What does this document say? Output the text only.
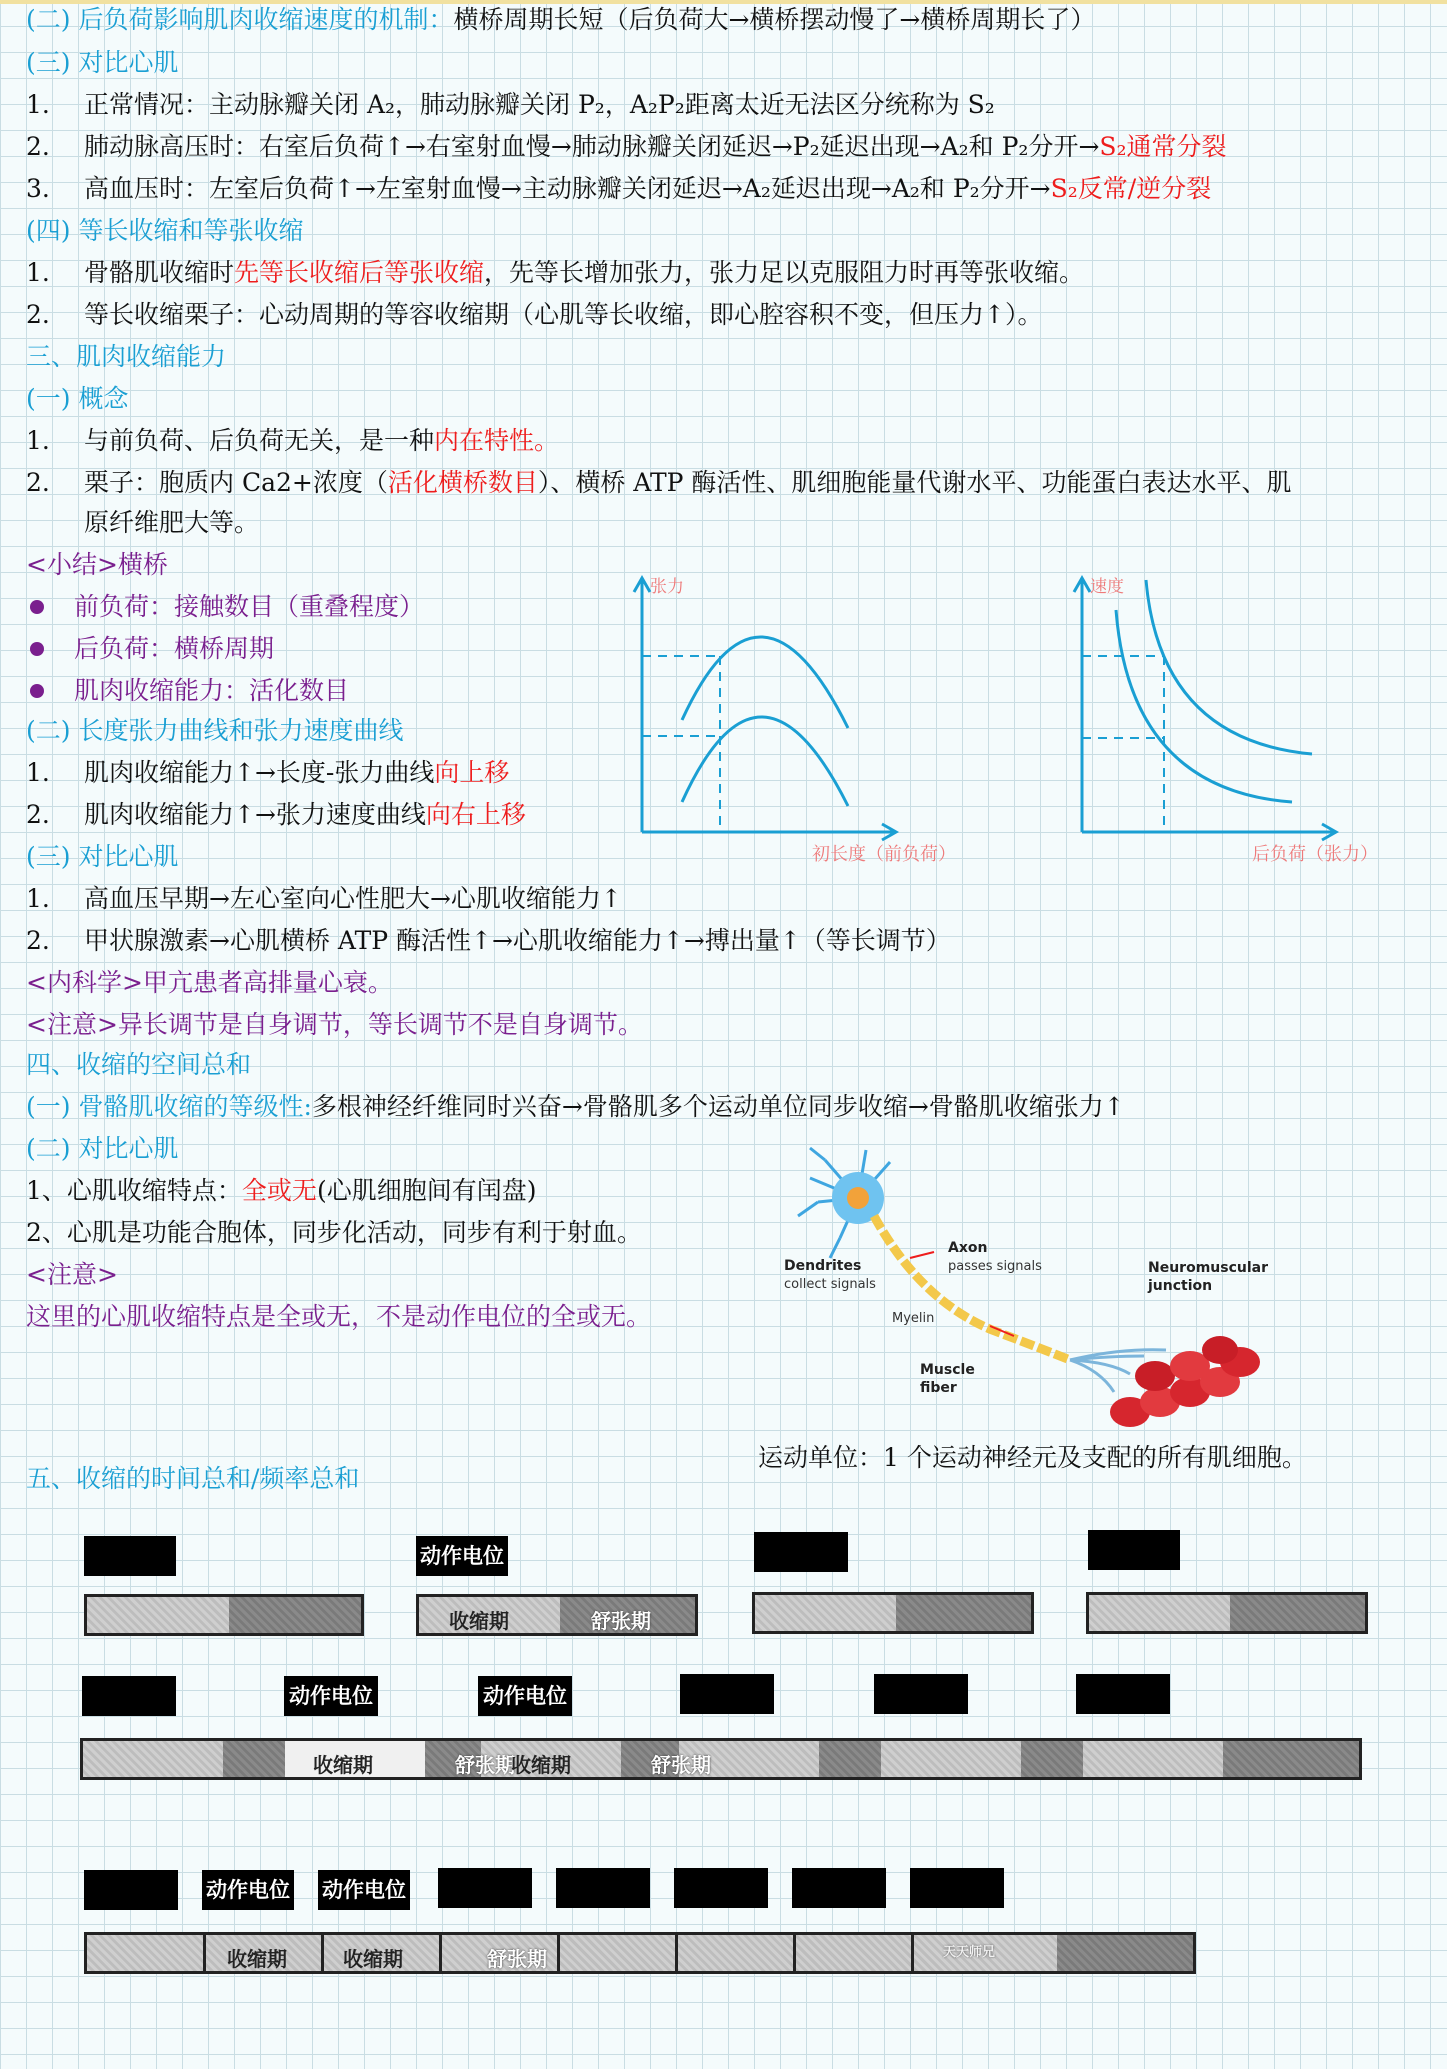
(二) 后负荷影响肌肉收缩速度的机制：横桥周期长短（后负荷大→横桥摆动慢了→横桥周期长了）
(三) 对比心肌
1. 正常情况：主动脉瓣关闭 A₂，肺动脉瓣关闭 P₂，A₂P₂距离太近无法区分统称为 S₂
2. 肺动脉高压时：右室后负荷↑→右室射血慢→肺动脉瓣关闭延迟→P₂延迟出现→A₂和 P₂分开→S₂通常分裂
3. 高血压时：左室后负荷↑→左室射血慢→主动脉瓣关闭延迟→A₂延迟出现→A₂和 P₂分开→S₂反常/逆分裂
(四) 等长收缩和等张收缩
1. 骨骼肌收缩时先等长收缩后等张收缩，先等长增加张力，张力足以克服阻力时再等张收缩。
2. 等长收缩栗子：心动周期的等容收缩期（心肌等长收缩，即心腔容积不变，但压力↑）。
三、肌肉收缩能力
(一) 概念
1. 与前负荷、后负荷无关，是一种内在特性。
2. 栗子：胞质内 Ca2+浓度（活化横桥数目）、横桥 ATP 酶活性、肌细胞能量代谢水平、功能蛋白表达水平、肌
原纤维肥大等。
<小结>横桥
前负荷：接触数目（重叠程度）
后负荷：横桥周期
肌肉收缩能力：活化数目
(二) 长度张力曲线和张力速度曲线
1. 肌肉收缩能力↑→长度-张力曲线向上移
2. 肌肉收缩能力↑→张力速度曲线向右上移
(三) 对比心肌
1. 高血压早期→左心室向心性肥大→心肌收缩能力↑
2. 甲状腺激素→心肌横桥 ATP 酶活性↑→心肌收缩能力↑→搏出量↑（等长调节）
<内科学>甲亢患者高排量心衰。
<注意>异长调节是自身调节，等长调节不是自身调节。
四、收缩的空间总和
(一) 骨骼肌收缩的等级性:多根神经纤维同时兴奋→骨骼肌多个运动单位同步收缩→骨骼肌收缩张力↑
(二) 对比心肌
1、心肌收缩特点：全或无(心肌细胞间有闰盘)
2、心肌是功能合胞体，同步化活动，同步有利于射血。
<注意>
这里的心肌收缩特点是全或无，不是动作电位的全或无。
运动单位：1 个运动神经元及支配的所有肌细胞。
五、收缩的时间总和/频率总和
张力
初长度（前负荷）
速度
后负荷（张力）
Dendrites
collect signals
Axon
passes signals
Myelin
Neuromuscular
junction
Muscle
fiber
动作电位
收缩期	舒张期
动作电位	动作电位
收缩期	舒张期
收缩期	舒张期
动作电位 动作电位
收缩期	收缩期	舒张期	天天师兄
